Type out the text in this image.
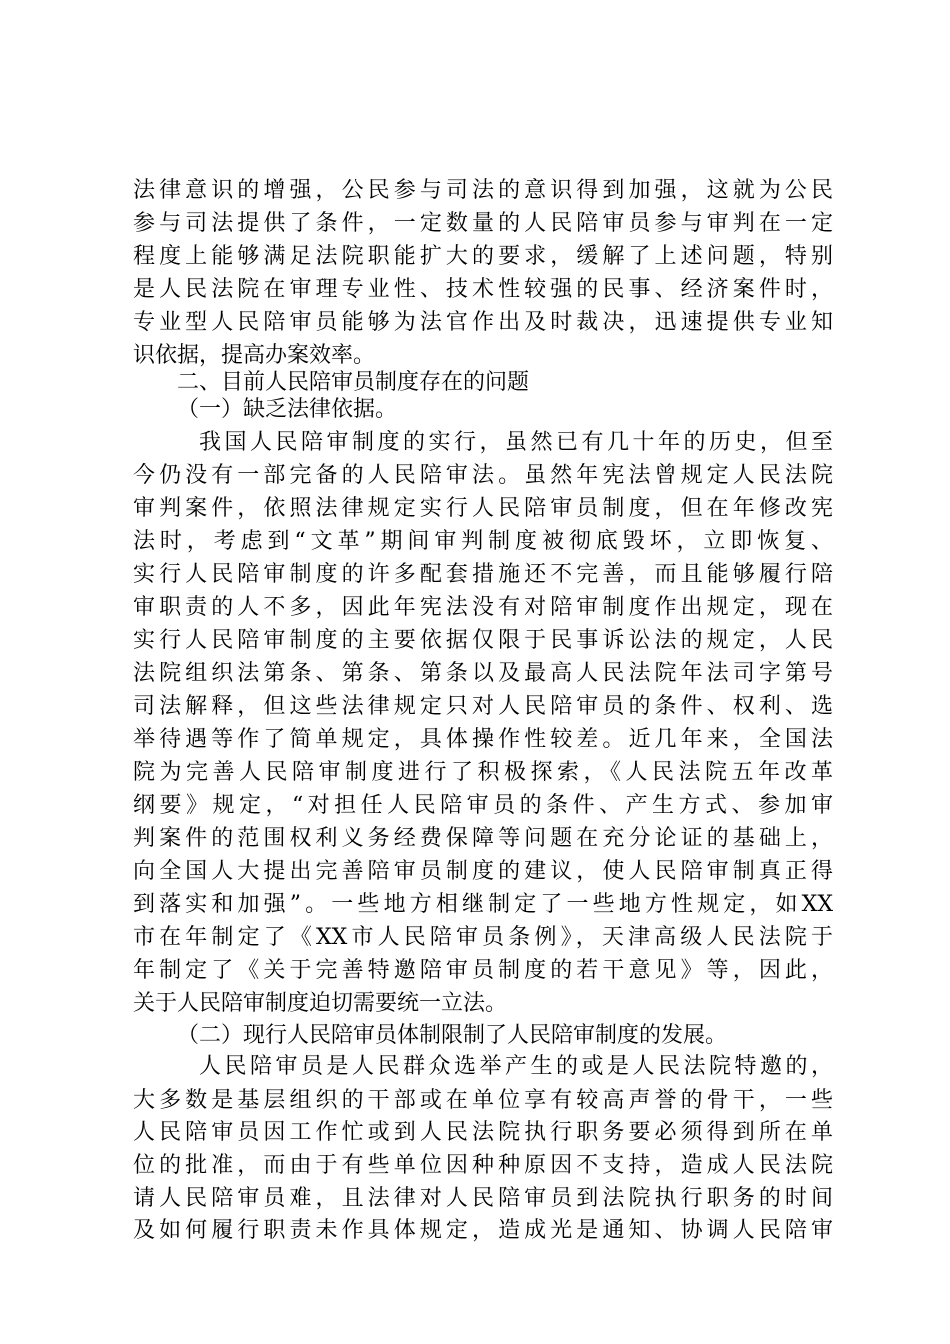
法律意识的增强，公民参与司法的意识得到加强，这就为公民
参与司法提供了条件，一定数量的人民陪审员参与审判在一定
程度上能够满足法院职能扩大的要求，缓解了上述问题，特别
是人民法院在审理专业性、技术性较强的民事、经济案件时，
专业型人民陪审员能够为法官作出及时裁决，迅速提供专业知
识依据，提高办案效率。
二、目前人民陪审员制度存在的问题
（一）缺乏法律依据。
我国人民陪审制度的实行，虽然已有几十年的历史，但至
今仍没有一部完备的人民陪审法。虽然年宪法曾规定人民法院
审判案件，依照法律规定实行人民陪审员制度，但在年修改宪
法时，考虑到“文革”期间审判制度被彻底毁坏，立即恢复、
实行人民陪审制度的许多配套措施还不完善，而且能够履行陪
审职责的人不多，因此年宪法没有对陪审制度作出规定，现在
实行人民陪审制度的主要依据仅限于民事诉讼法的规定，人民
法院组织法第条、第条、第条以及最高人民法院年法司字第号
司法解释，但这些法律规定只对人民陪审员的条件、权利、选
举待遇等作了简单规定，具体操作性较差。近几年来，全国法
院为完善人民陪审制度进行了积极探索，《人民法院五年改革
纲要》规定，“对担任人民陪审员的条件、产生方式、参加审
判案件的范围权利义务经费保障等问题在充分论证的基础上，
向全国人大提出完善陪审员制度的建议，使人民陪审制真正得
到落实和加强”。一些地方相继制定了一些地方性规定，如XX
市在年制定了《XX市人民陪审员条例》，天津高级人民法院于
年制定了《关于完善特邀陪审员制度的若干意见》等，因此，
关于人民陪审制度迫切需要统一立法。
（二）现行人民陪审员体制限制了人民陪审制度的发展。
人民陪审员是人民群众选举产生的或是人民法院特邀的，
大多数是基层组织的干部或在单位享有较高声誉的骨干，一些
人民陪审员因工作忙或到人民法院执行职务要必须得到所在单
位的批准，而由于有些单位因种种原因不支持，造成人民法院
请人民陪审员难，且法律对人民陪审员到法院执行职务的时间
及如何履行职责未作具体规定，造成光是通知、协调人民陪审
